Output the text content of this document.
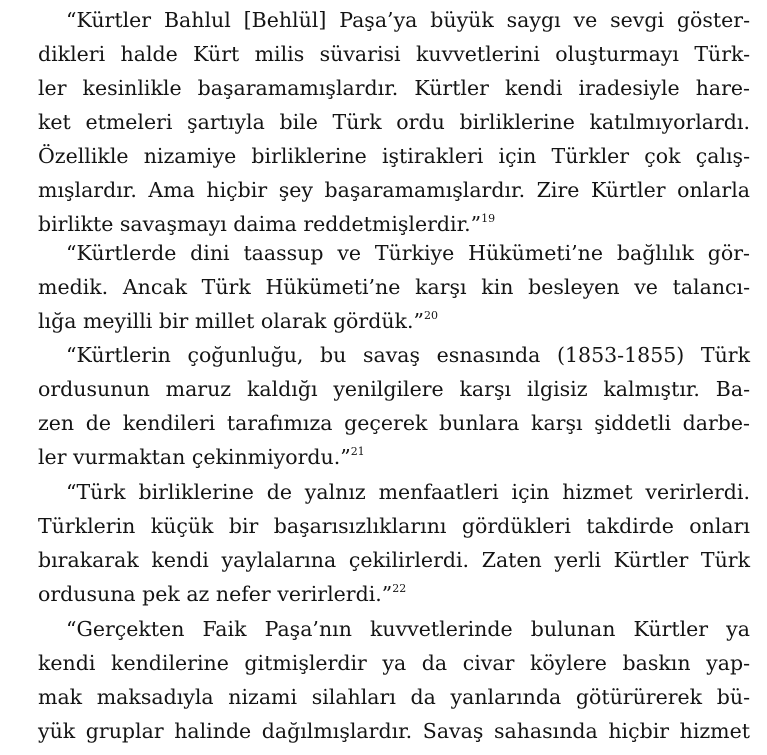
“Kürtler Bahlul [Behlül] Paşa’ya büyük saygı ve sevgi göster-
dikleri halde Kürt milis süvarisi kuvvetlerini oluşturmayı Türk-
ler kesinlikle başaramamışlardır. Kürtler kendi iradesiyle hare-
ket etmeleri şartıyla bile Türk ordu birliklerine katılmıyorlardı.
Özellikle nizamiye birliklerine iştirakleri için Türkler çok çalış-
mışlardır. Ama hiçbir şey başaramamışlardır. Zire Kürtler onlarla
birlikte savaşmayı daima reddetmişlerdir.”$^{19}$
“Kürtlerde dini taassup ve Türkiye Hükümeti’ne bağlılık gör-
medik. Ancak Türk Hükümeti’ne karşı kin besleyen ve talancı-
lığa meyilli bir millet olarak gördük.”$^{20}$
“Kürtlerin çoğunluğu, bu savaş esnasında (1853-1855) Türk
ordusunun maruz kaldığı yenilgilere karşı ilgisiz kalmıştır. Ba-
zen de kendileri tarafımıza geçerek bunlara karşı şiddetli darbe-
ler vurmaktan çekinmiyordu.”$^{21}$
“Türk birliklerine de yalnız menfaatleri için hizmet verirlerdi.
Türklerin küçük bir başarısızlıklarını gördükleri takdirde onları
bırakarak kendi yaylalarına çekilirlerdi. Zaten yerli Kürtler Türk
ordusuna pek az nefer verirlerdi.”$^{22}$
“Gerçekten Faik Paşa’nın kuvvetlerinde bulunan Kürtler ya
kendi kendilerine gitmişlerdir ya da civar köylere baskın yap-
mak maksadıyla nizami silahları da yanlarında götürürerek bü-
yük gruplar halinde dağılmışlardır. Savaş sahasında hiçbir hizmet
